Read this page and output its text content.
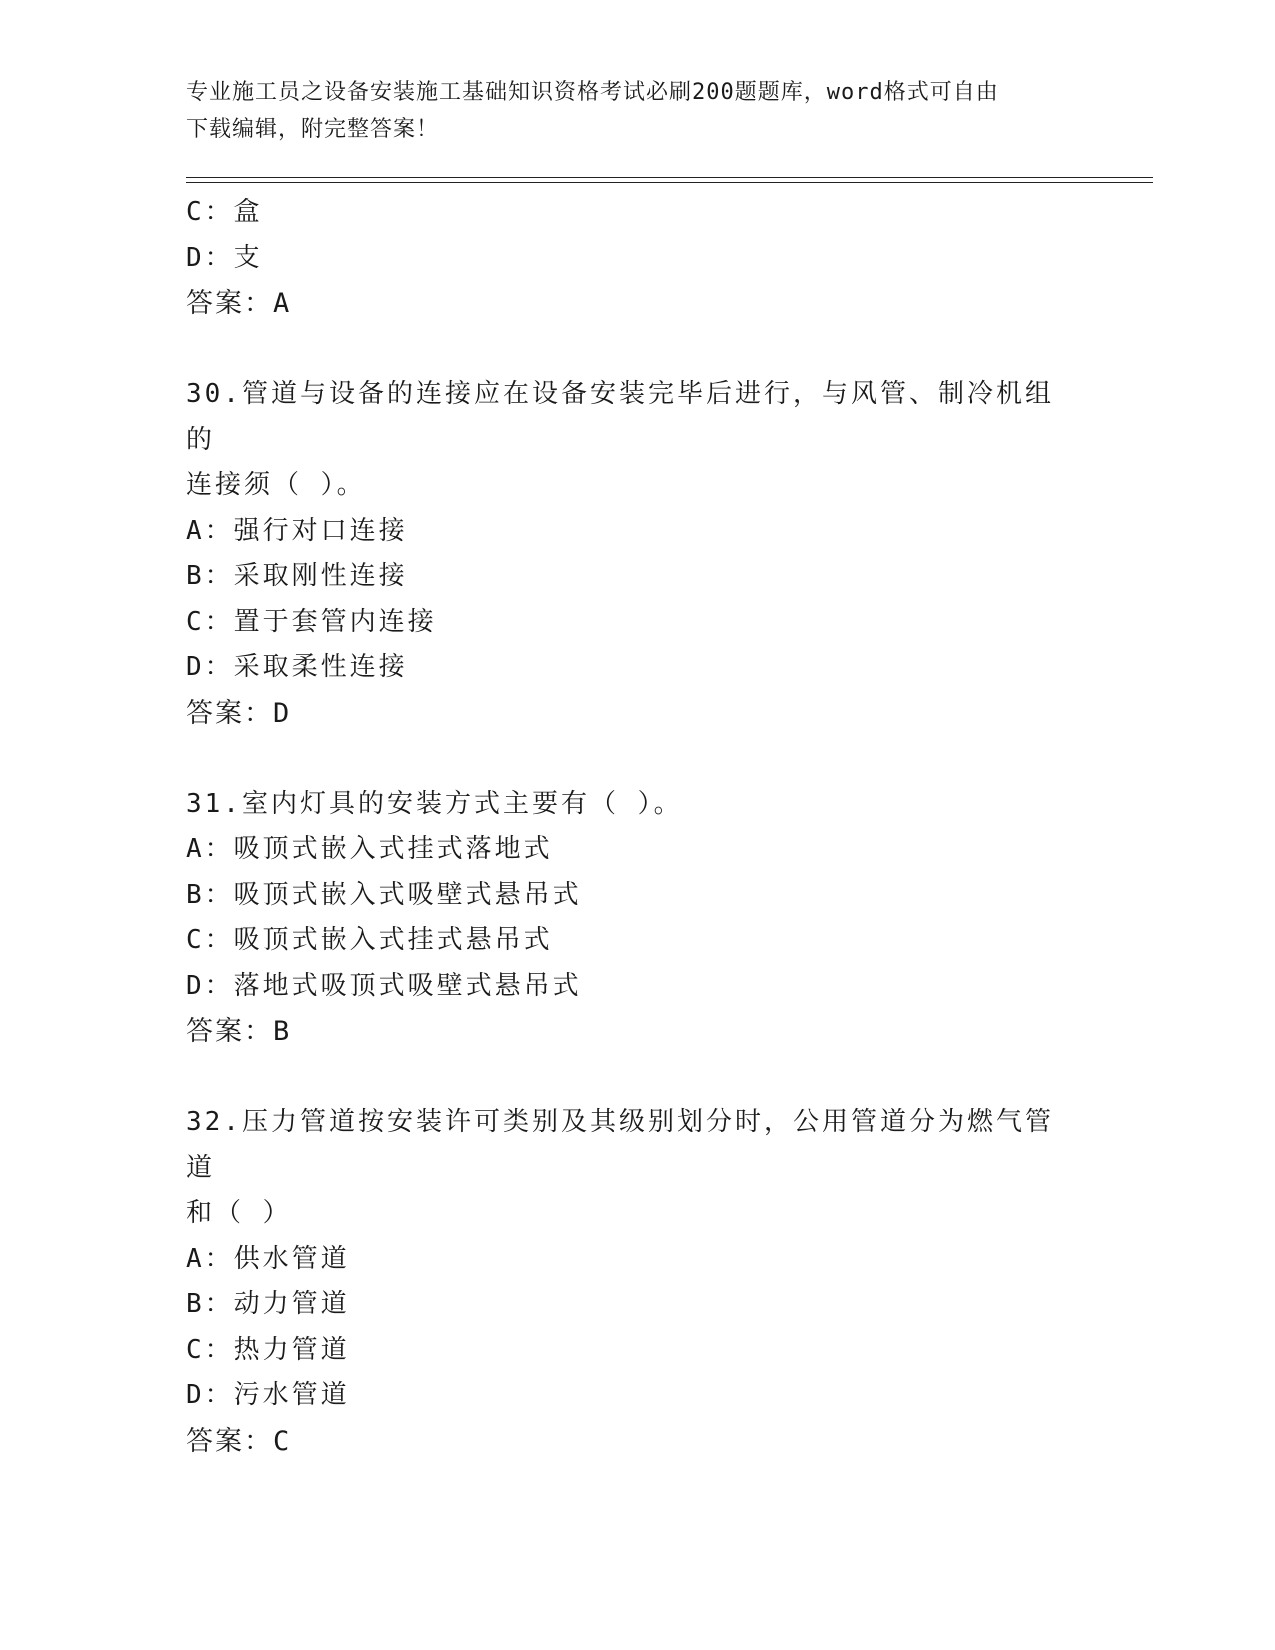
专业施工员之设备安装施工基础知识资格考试必刷200题题库，word格式可自由
下载编辑，附完整答案！
C：盒
D：支
答案：A
30.管道与设备的连接应在设备安装完毕后进行，与风管、制冷机组的
连接须（ ）。
A：强行对口连接
B：采取刚性连接
C：置于套管内连接
D：采取柔性连接
答案：D
31.室内灯具的安装方式主要有（ ）。
A：吸顶式嵌入式挂式落地式
B：吸顶式嵌入式吸壁式悬吊式
C：吸顶式嵌入式挂式悬吊式
D：落地式吸顶式吸壁式悬吊式
答案：B
32.压力管道按安装许可类别及其级别划分时，公用管道分为燃气管道
和（ ）
A：供水管道
B：动力管道
C：热力管道
D：污水管道
答案：C
